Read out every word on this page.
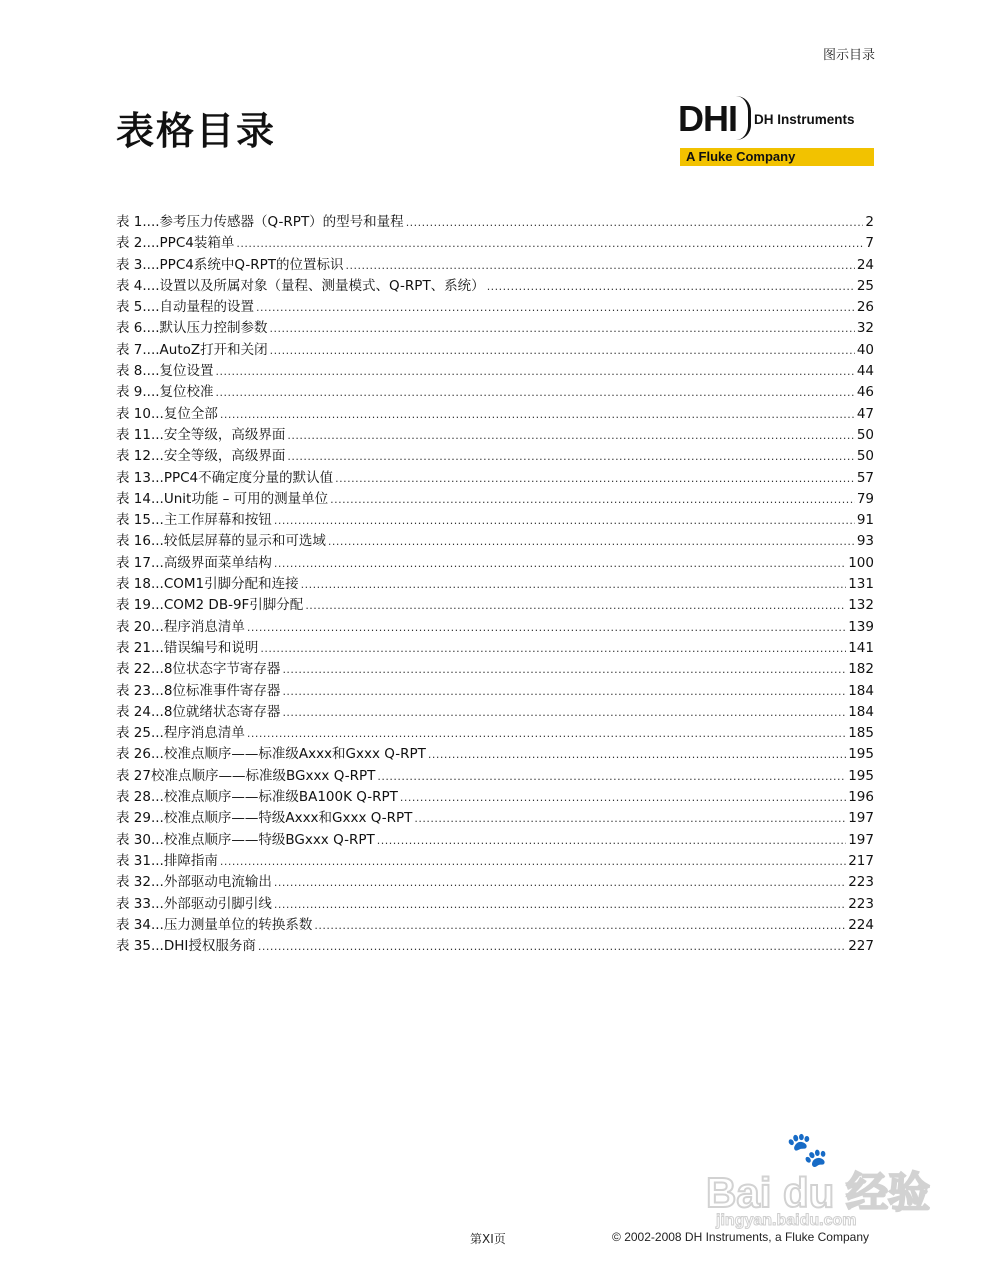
图示目录
表格目录	DHI DH Instruments
A Fluke Company
表 1....参考压力传感器（Q-RPT）的型号和量程 .....	2
表 2....PPC4装箱单 .....	7
表 3....PPC4系统中Q-RPT的位置标识 .....	24
表 4....设置以及所属对象（量程、测量模式、Q-RPT、系统） .....	25
表 5....自动量程的设置 .....	26
表 6....默认压力控制参数 .....	32
表 7....AutoZ打开和关闭 .....	40
表 8....复位设置 .....	44
表 9....复位校准 .....	46
表 10...复位全部 .....	47
表 11...安全等级，高级界面 .....	50
表 12...安全等级，高级界面 .....	50
表 13...PPC4不确定度分量的默认值 .....	57
表 14...Unit功能 – 可用的测量单位 .....	79
表 15...主工作屏幕和按钮 .....	91
表 16...较低层屏幕的显示和可选域 .....	93
表 17...高级界面菜单结构 .....	100
表 18...COM1引脚分配和连接 .....	131
表 19...COM2 DB-9F引脚分配 .....	132
表 20...程序消息清单 .....	139
表 21...错误编号和说明 .....	141
表 22...8位状态字节寄存器 .....	182
表 23...8位标准事件寄存器 .....	184
表 24...8位就绪状态寄存器 .....	184
表 25...程序消息清单 .....	185
表 26...校准点顺序——标准级Axxx和Gxxx Q-RPT .....	195
表 27校准点顺序——标准级BGxxx Q-RPT .....	195
表 28...校准点顺序——标准级BA100K Q-RPT .....	196
表 29...校准点顺序——特级Axxx和Gxxx Q-RPT .....	197
表 30...校准点顺序——特级BGxxx Q-RPT .....	197
表 31...排障指南 .....	217
表 32...外部驱动电流输出 .....	223
表 33...外部驱动引脚引线 .....	223
表 34...压力测量单位的转换系数 .....	224
表 35...DHI授权服务商 .....	227
🐾
Bai du 经验
jingyan.baidu.com
第XI页	© 2002-2008 DH Instruments, a Fluke Company
